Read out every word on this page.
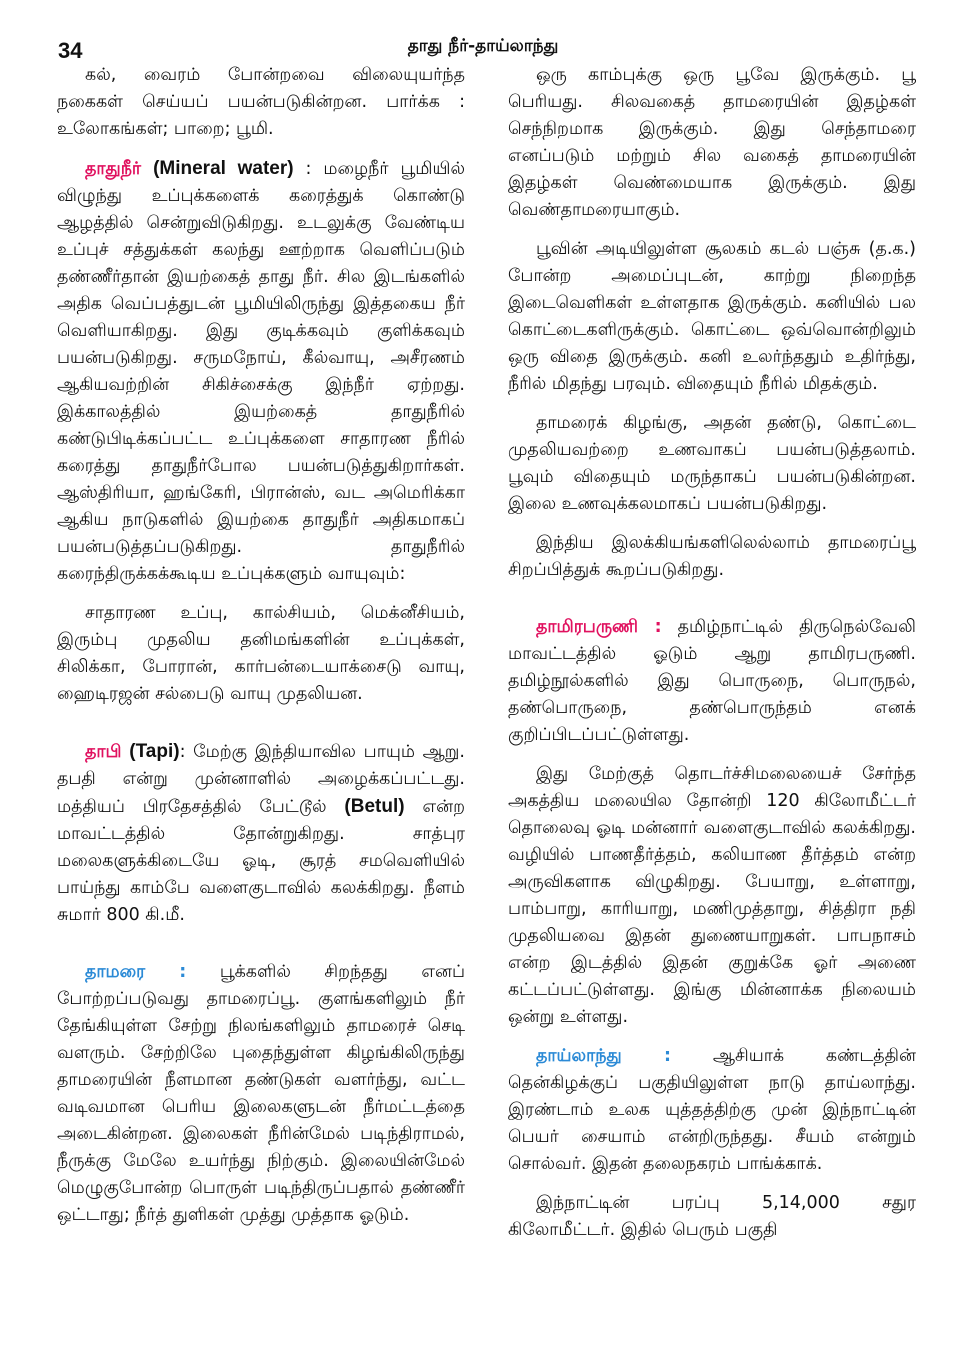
34	தாது நீர்-தாய்லாந்து

கல், வைரம் போன்றவை விலையுயர்ந்த நகைகள் செய்யப் பயன்படுகின்றன. பார்க்க : உலோகங்கள்; பாறை; பூமி.

தாதுநீர் (Mineral water) : மழைநீர் பூமியில் விழுந்து உப்புக்களைக் கரைத்துக் கொண்டு ஆழத்தில் சென்றுவிடுகிறது. உடலுக்கு வேண்டிய உப்புச் சத்துக்கள் கலந்து ஊற்றாக வெளிப்படும் தண்ணீர்தான் இயற்கைத் தாது நீர். சில இடங்களில் அதிக வெப்பத்துடன் பூமியிலிருந்து இத்தகைய நீர் வெளியாகிறது. இது குடிக்கவும் குளிக்கவும் பயன்படுகிறது. சருமநோய், கீல்வாயு, அசீரணம் ஆகியவற்றின் சிகிச்சைக்கு இந்நீர் ஏற்றது. இக்காலத்தில் இயற்கைத் தாதுநீரில் கண்டுபிடிக்கப்பட்ட உப்புக்களை சாதாரண நீரில் கரைத்து தாதுநீர்போல பயன்படுத்துகிறார்கள். ஆஸ்திரியா, ஹங்கேரி, பிரான்ஸ், வட அமெரிக்கா ஆகிய நாடுகளில் இயற்கை தாதுநீர் அதிகமாகப் பயன்படுத்தப்படுகிறது. தாதுநீரில் கரைந்திருக்கக்கூடிய உப்புக்களும் வாயுவும்:

சாதாரண உப்பு, கால்சியம், மெக்னீசியம், இரும்பு முதலிய தனிமங்களின் உப்புக்கள், சிலிக்கா, போரான், கார்பன்டையாக்சைடு வாயு, ஹைடிரஜன் சல்பைடு வாயு முதலியன.

தாபி (Tapi): மேற்கு இந்தியாவில பாயும் ஆறு. தபதி என்று முன்னாளில் அழைக்கப்பட்டது. மத்தியப் பிரதேசத்தில் பேட்டூல் (Betul) என்ற மாவட்டத்தில் தோன்றுகிறது. சாத்புர மலைகளுக்கிடையே ஓடி, சூரத் சமவெளியில் பாய்ந்து காம்பே வளைகுடாவில் கலக்கிறது. நீளம் சுமார் 800 கி.மீ.

தாமரை : பூக்களில் சிறந்தது எனப் போற்றப்படுவது தாமரைப்பூ. குளங்களிலும் நீர் தேங்கியுள்ள சேற்று நிலங்களிலும் தாமரைச் செடி வளரும். சேற்றிலே புதைந்துள்ள கிழங்கிலிருந்து தாமரையின் நீளமான தண்டுகள் வளர்ந்து, வட்ட வடிவமான பெரிய இலைகளுடன் நீர்மட்டத்தை அடைகின்றன. இலைகள் நீரின்மேல் படிந்திராமல், நீருக்கு மேலே உயர்ந்து நிற்கும். இலையின்மேல் மெழுகுபோன்ற பொருள் படிந்திருப்பதால் தண்ணீர் ஒட்டாது; நீர்த் துளிகள் முத்து முத்தாக ஓடும்.

ஒரு காம்புக்கு ஒரு பூவே இருக்கும். பூ பெரியது. சிலவகைத் தாமரையின் இதழ்கள் செந்நிறமாக இருக்கும். இது செந்தாமரை எனப்படும் மற்றும் சில வகைத் தாமரையின் இதழ்கள் வெண்மையாக இருக்கும். இது வெண்தாமரையாகும்.

பூவின் அடியிலுள்ள சூலகம் கடல் பஞ்சு (த.க.) போன்ற அமைப்புடன், காற்று நிறைந்த இடைவெளிகள் உள்ளதாக இருக்கும். கனியில் பல கொட்டைகளிருக்கும். கொட்டை ஒவ்வொன்றிலும் ஒரு விதை இருக்கும். கனி உலர்ந்ததும் உதிர்ந்து, நீரில் மிதந்து பரவும். விதையும் நீரில் மிதக்கும்.

தாமரைக் கிழங்கு, அதன் தண்டு, கொட்டை முதலியவற்றை உணவாகப் பயன்படுத்தலாம். பூவும் விதையும் மருந்தாகப் பயன்படுகின்றன. இலை உணவுக்கலமாகப் பயன்படுகிறது.

இந்திய இலக்கியங்களிலெல்லாம் தாமரைப்பூ சிறப்பித்துக் கூறப்படுகிறது.

தாமிரபருணி : தமிழ்நாட்டில் திருநெல்வேலி மாவட்டத்தில் ஓடும் ஆறு தாமிரபருணி. தமிழ்நூல்களில் இது பொருநை, பொருநல், தண்பொருநை, தண்பொருந்தம் எனக் குறிப்பிடப்பட்டுள்ளது.

இது மேற்குத் தொடர்ச்சிமலையைச் சேர்ந்த அகத்திய மலையில தோன்றி 120 கிலோமீட்டர் தொலைவு ஓடி மன்னார் வளைகுடாவில் கலக்கிறது. வழியில் பாணதீர்த்தம், கலியாண தீர்த்தம் என்ற அருவிகளாக விழுகிறது. பேயாறு, உள்ளாறு, பாம்பாறு, காரியாறு, மணிமுத்தாறு, சித்திரா நதி முதலியவை இதன் துணையாறுகள். பாபநாசம் என்ற இடத்தில் இதன் குறுக்கே ஓர் அணை கட்டப்பட்டுள்ளது. இங்கு மின்னாக்க நிலையம் ஒன்று உள்ளது.

தாய்லாந்து : ஆசியாக் கண்டத்தின் தென்கிழக்குப் பகுதியிலுள்ள நாடு தாய்லாந்து. இரண்டாம் உலக யுத்தத்திற்கு முன் இந்நாட்டின் பெயர் சையாம் என்றிருந்தது. சீயம் என்றும் சொல்வர். இதன் தலைநகரம் பாங்க்காக்.

இந்நாட்டின் பரப்பு 5,14,000 சதுர கிலோமீட்டர். இதில் பெரும் பகுதி
